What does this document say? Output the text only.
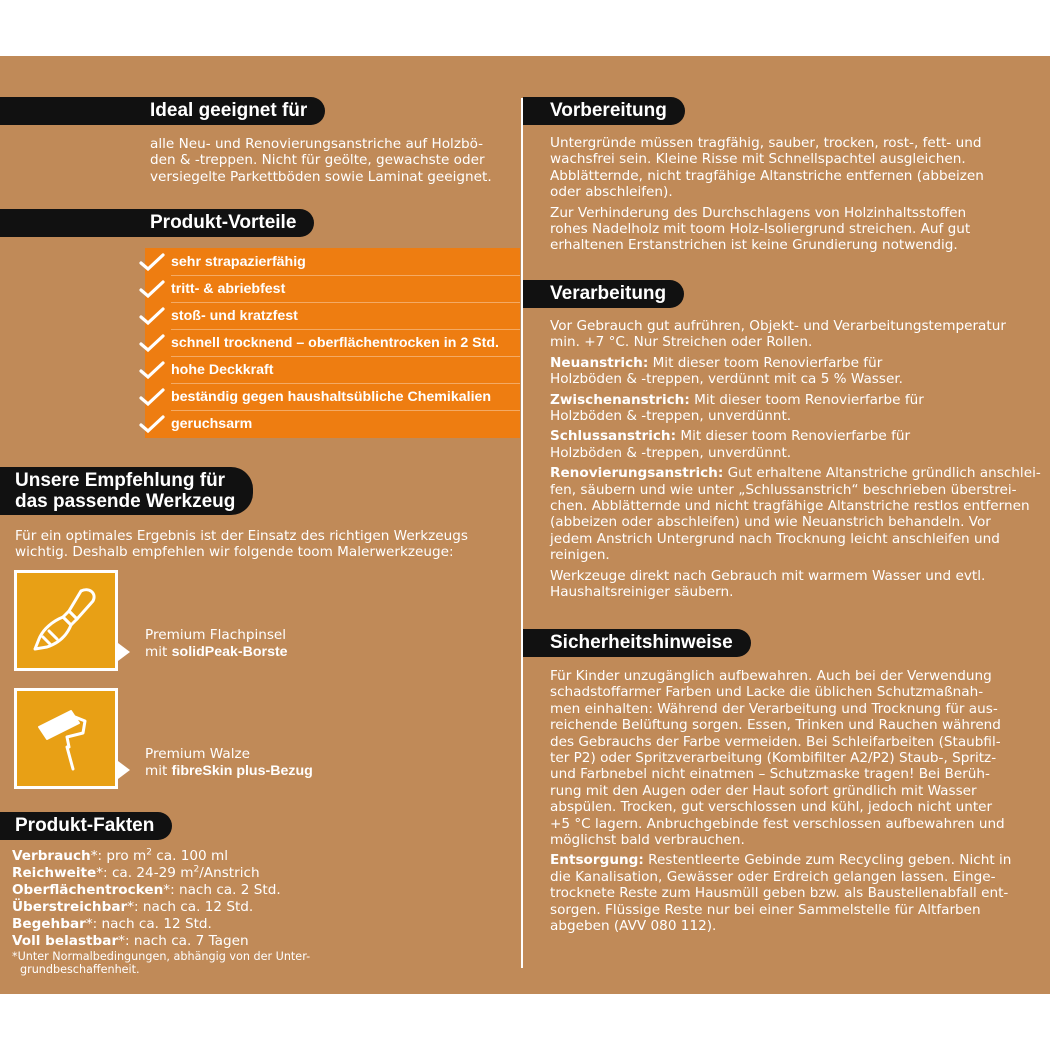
Ideal geeignet für
alle Neu- und Renovierungsanstriche auf Holzbö-
den & -treppen. Nicht für geölte, gewachste oder
versiegelte Parkettböden sowie Laminat geeignet.
Produkt-Vorteile
sehr strapazierfähig
tritt- & abriebfest
stoß- und kratzfest
schnell trocknend – oberflächentrocken in 2 Std.
hohe Deckkraft
beständig gegen haushaltsübliche Chemikalien
geruchsarm
Unsere Empfehlung für
das passende Werkzeug
Für ein optimales Ergebnis ist der Einsatz des richtigen Werkzeugs
wichtig. Deshalb empfehlen wir folgende toom Malerwerkzeuge:
Premium Flachpinsel
mit solidPeak-Borste
Premium Walze
mit fibreSkin plus-Bezug
Produkt-Fakten
Verbrauch*: pro $m^2$ ca. 100 ml
Reichweite*: ca. 24-29 $m^2$/Anstrich
Oberflächentrocken*: nach ca. 2 Std.
Überstreichbar*: nach ca. 12 Std.
Begehbar*: nach ca. 12 Std.
Voll belastbar*: nach ca. 7 Tagen
*Unter Normalbedingungen, abhängig von der Unter-
grundbeschaffenheit.
Vorbereitung

Untergründe müssen tragfähig, sauber, trocken, rost-, fett- und
wachsfrei sein. Kleine Risse mit Schnellspachtel ausgleichen.
Abblätternde, nicht tragfähige Altanstriche entfernen (abbeizen
oder abschleifen).

Zur Verhinderung des Durchschlagens von Holzinhaltsstoffen
rohes Nadelholz mit toom Holz-Isoliergrund streichen. Auf gut
erhaltenen Erstanstrichen ist keine Grundierung notwendig.

Verarbeitung

Vor Gebrauch gut aufrühren, Objekt- und Verarbeitungstemperatur
min. +7 °C. Nur Streichen oder Rollen.

Neuanstrich: Mit dieser toom Renovierfarbe für
Holzböden & -treppen, verdünnt mit ca 5 % Wasser.

Zwischenanstrich: Mit dieser toom Renovierfarbe für
Holzböden & -treppen, unverdünnt.

Schlussanstrich: Mit dieser toom Renovierfarbe für
Holzböden & -treppen, unverdünnt.

Renovierungsanstrich: Gut erhaltene Altanstriche gründlich anschlei-
fen, säubern und wie unter „Schlussanstrich“ beschrieben überstrei-
chen. Abblätternde und nicht tragfähige Altanstriche restlos entfernen
(abbeizen oder abschleifen) und wie Neuanstrich behandeln. Vor
jedem Anstrich Untergrund nach Trocknung leicht anschleifen und
reinigen.

Werkzeuge direkt nach Gebrauch mit warmem Wasser und evtl.
Haushaltsreiniger säubern.

Sicherheitshinweise

Für Kinder unzugänglich aufbewahren. Auch bei der Verwendung
schadstoffarmer Farben und Lacke die üblichen Schutzmaßnah-
men einhalten: Während der Verarbeitung und Trocknung für aus-
reichende Belüftung sorgen. Essen, Trinken und Rauchen während
des Gebrauchs der Farbe vermeiden. Bei Schleifarbeiten (Staubfil-
ter P2) oder Spritzverarbeitung (Kombifilter A2/P2) Staub-, Spritz-
und Farbnebel nicht einatmen – Schutzmaske tragen! Bei Berüh-
rung mit den Augen oder der Haut sofort gründlich mit Wasser
abspülen. Trocken, gut verschlossen und kühl, jedoch nicht unter
+5 °C lagern. Anbruchgebinde fest verschlossen aufbewahren und
möglichst bald verbrauchen.

Entsorgung: Restentleerte Gebinde zum Recycling geben. Nicht in
die Kanalisation, Gewässer oder Erdreich gelangen lassen. Einge-
trocknete Reste zum Hausmüll geben bzw. als Baustellenabfall ent-
sorgen. Flüssige Reste nur bei einer Sammelstelle für Altfarben
abgeben (AVV 080 112).
